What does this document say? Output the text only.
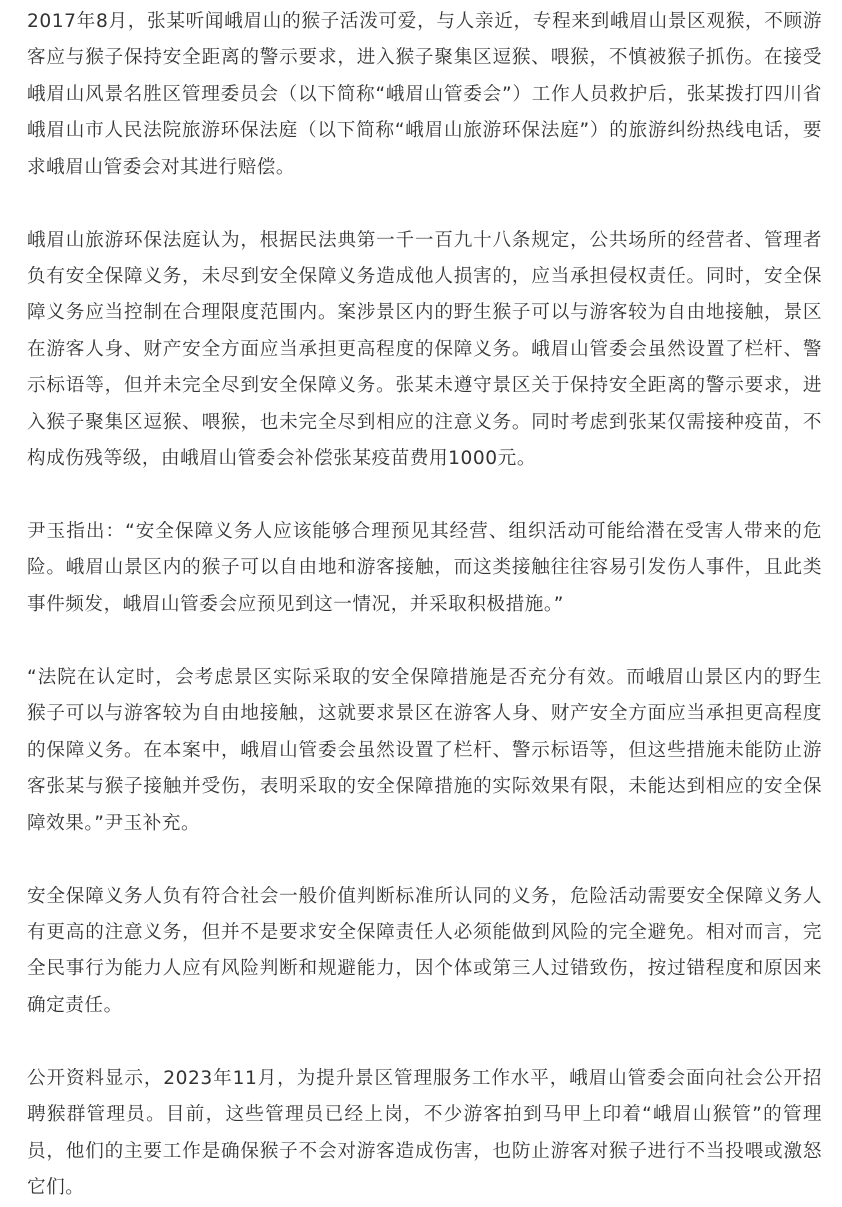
2017年8月，张某听闻峨眉山的猴子活泼可爱，与人亲近，专程来到峨眉山景区观猴，不顾游客应与猴子保持安全距离的警示要求，进入猴子聚集区逗猴、喂猴，不慎被猴子抓伤。在接受峨眉山风景名胜区管理委员会（以下简称“峨眉山管委会”）工作人员救护后，张某拨打四川省峨眉山市人民法院旅游环保法庭（以下简称“峨眉山旅游环保法庭”）的旅游纠纷热线电话，要求峨眉山管委会对其进行赔偿。

峨眉山旅游环保法庭认为，根据民法典第一千一百九十八条规定，公共场所的经营者、管理者负有安全保障义务，未尽到安全保障义务造成他人损害的，应当承担侵权责任。同时，安全保障义务应当控制在合理限度范围内。案涉景区内的野生猴子可以与游客较为自由地接触，景区在游客人身、财产安全方面应当承担更高程度的保障义务。峨眉山管委会虽然设置了栏杆、警示标语等，但并未完全尽到安全保障义务。张某未遵守景区关于保持安全距离的警示要求，进入猴子聚集区逗猴、喂猴，也未完全尽到相应的注意义务。同时考虑到张某仅需接种疫苗，不构成伤残等级，由峨眉山管委会补偿张某疫苗费用1000元。

尹玉指出：“安全保障义务人应该能够合理预见其经营、组织活动可能给潜在受害人带来的危险。峨眉山景区内的猴子可以自由地和游客接触，而这类接触往往容易引发伤人事件，且此类事件频发，峨眉山管委会应预见到这一情况，并采取积极措施。”

“法院在认定时，会考虑景区实际采取的安全保障措施是否充分有效。而峨眉山景区内的野生猴子可以与游客较为自由地接触，这就要求景区在游客人身、财产安全方面应当承担更高程度的保障义务。在本案中，峨眉山管委会虽然设置了栏杆、警示标语等，但这些措施未能防止游客张某与猴子接触并受伤，表明采取的安全保障措施的实际效果有限，未能达到相应的安全保障效果。”尹玉补充。

安全保障义务人负有符合社会一般价值判断标准所认同的义务，危险活动需要安全保障义务人有更高的注意义务，但并不是要求安全保障责任人必须能做到风险的完全避免。相对而言，完全民事行为能力人应有风险判断和规避能力，因个体或第三人过错致伤，按过错程度和原因来确定责任。

公开资料显示，2023年11月，为提升景区管理服务工作水平，峨眉山管委会面向社会公开招聘猴群管理员。目前，这些管理员已经上岗，不少游客拍到马甲上印着“峨眉山猴管”的管理员，他们的主要工作是确保猴子不会对游客造成伤害，也防止游客对猴子进行不当投喂或激怒它们。
